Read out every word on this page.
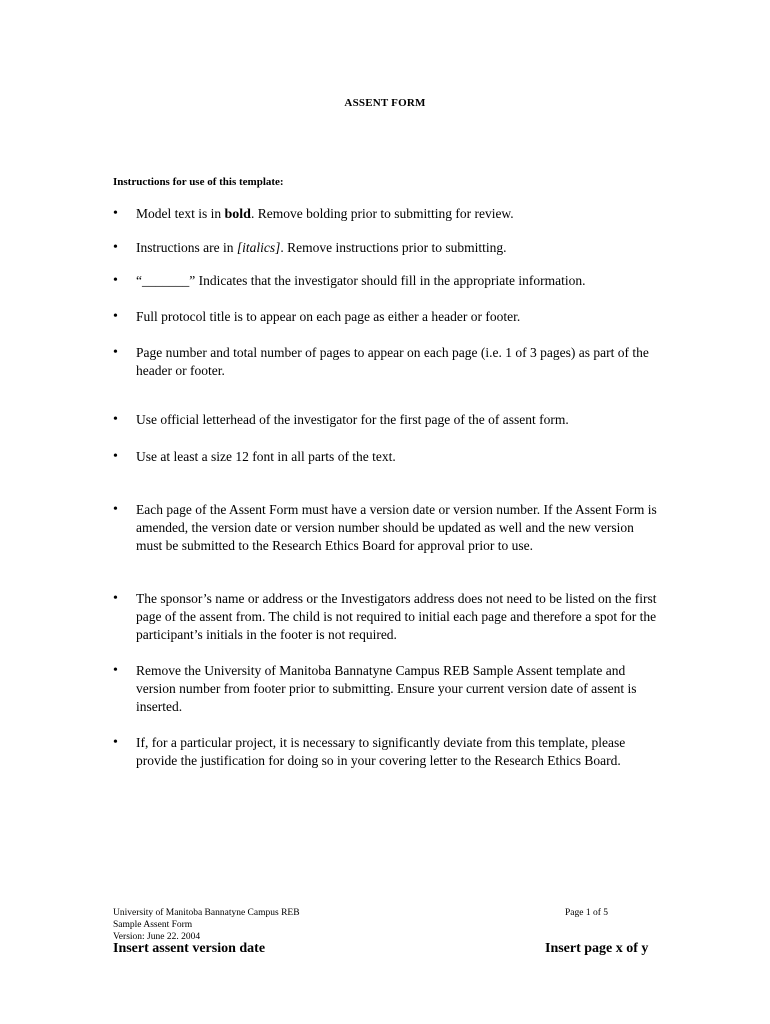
ASSENT FORM
Instructions for use of this template:
•	Model text is in bold. Remove bolding prior to submitting for review.
•	Instructions are in [italics]. Remove instructions prior to submitting.
•	“_______” Indicates that the investigator should fill in the appropriate information.
•	Full protocol title is to appear on each page as either a header or footer.
•	Page number and total number of pages to appear on each page (i.e. 1 of 3 pages) as part of the header or footer.
•	Use official letterhead of the investigator for the first page of the of assent form.
•	Use at least a size 12 font in all parts of the text.
•	Each page of the Assent Form must have a version date or version number. If the Assent Form is amended, the version date or version number should be updated as well and the new version must be submitted to the Research Ethics Board for approval prior to use.
•	The sponsor’s name or address or the Investigators address does not need to be listed on the first page of the assent from. The child is not required to initial each page and therefore a spot for the participant’s initials in the footer is not required.
•	Remove the University of Manitoba Bannatyne Campus REB Sample Assent template and version number from footer prior to submitting. Ensure your current version date of assent is inserted.
•	If, for a particular project, it is necessary to significantly deviate from this template, please provide the justification for doing so in your covering letter to the Research Ethics Board.
University of Manitoba Bannatyne Campus REB
Sample Assent Form
Version: June 22. 2004
Page 1 of 5
Insert assent version date	Insert page x of y
